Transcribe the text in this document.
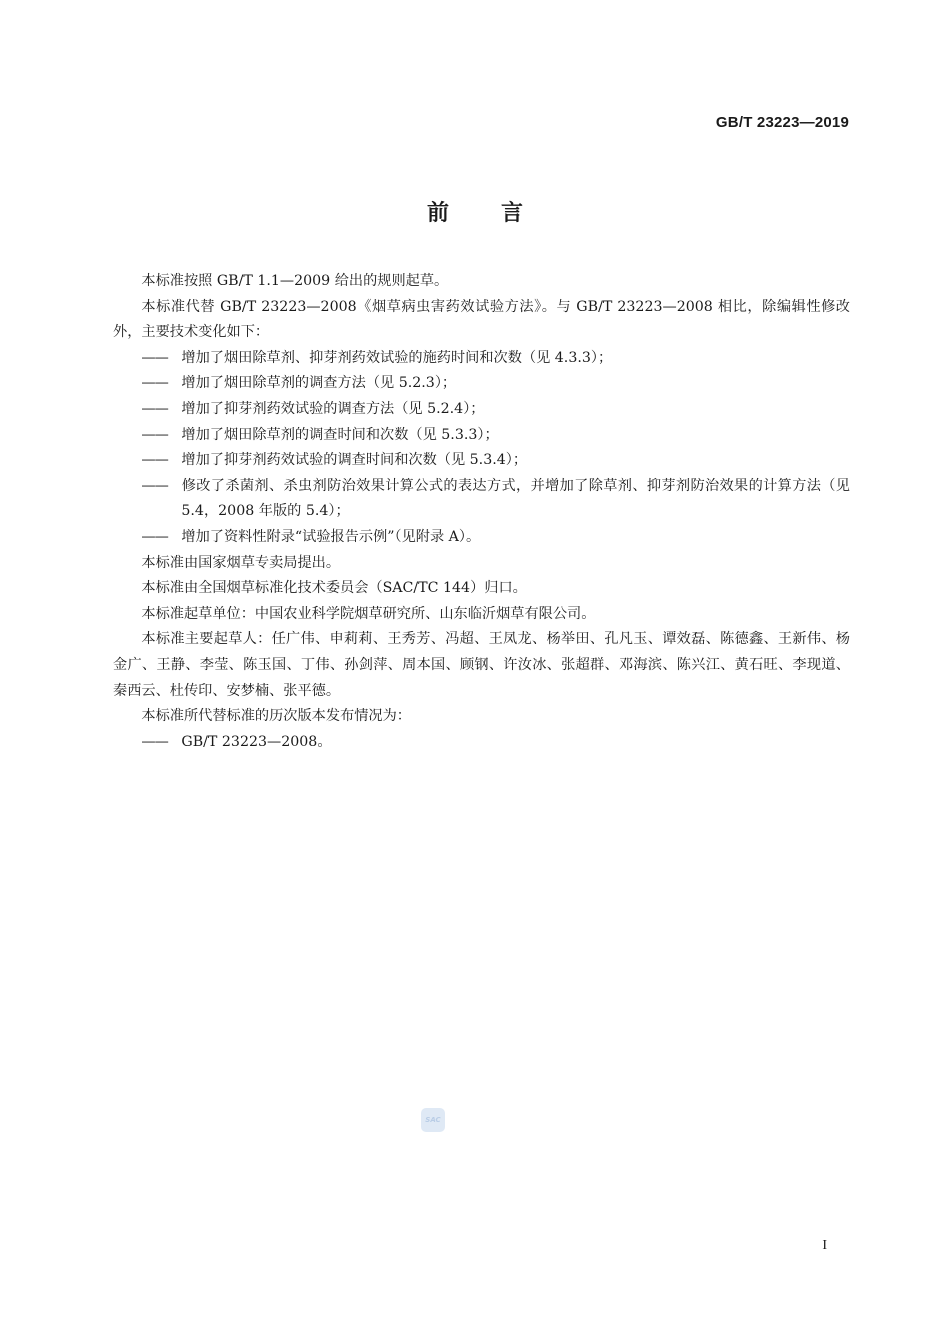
GB/T 23223—2019
前言

本标准按照 GB/T 1.1—2009 给出的规则起草。

本标准代替 GB/T 23223—2008《烟草病虫害药效试验方法》。与 GB/T 23223—2008 相比，除编辑性修改外，主要技术变化如下：

—— 增加了烟田除草剂、抑芽剂药效试验的施药时间和次数（见 4.3.3）；

—— 增加了烟田除草剂的调查方法（见 5.2.3）；

—— 增加了抑芽剂药效试验的调查方法（见 5.2.4）；

—— 增加了烟田除草剂的调查时间和次数（见 5.3.3）；

—— 增加了抑芽剂药效试验的调查时间和次数（见 5.3.4）；

—— 修改了杀菌剂、杀虫剂防治效果计算公式的表达方式，并增加了除草剂、抑芽剂防治效果的计算方法（见 5.4，2008 年版的 5.4）；

—— 增加了资料性附录“试验报告示例”（见附录 A）。

本标准由国家烟草专卖局提出。

本标准由全国烟草标准化技术委员会（SAC/TC 144）归口。

本标准起草单位：中国农业科学院烟草研究所、山东临沂烟草有限公司。

本标准主要起草人：任广伟、申莉莉、王秀芳、冯超、王凤龙、杨举田、孔凡玉、谭效磊、陈德鑫、王新伟、杨金广、王静、李莹、陈玉国、丁伟、孙剑萍、周本国、顾钢、许汝冰、张超群、邓海滨、陈兴江、黄石旺、李现道、秦西云、杜传印、安梦楠、张平德。

本标准所代替标准的历次版本发布情况为：

—— GB/T 23223—2008。

SAC
I
